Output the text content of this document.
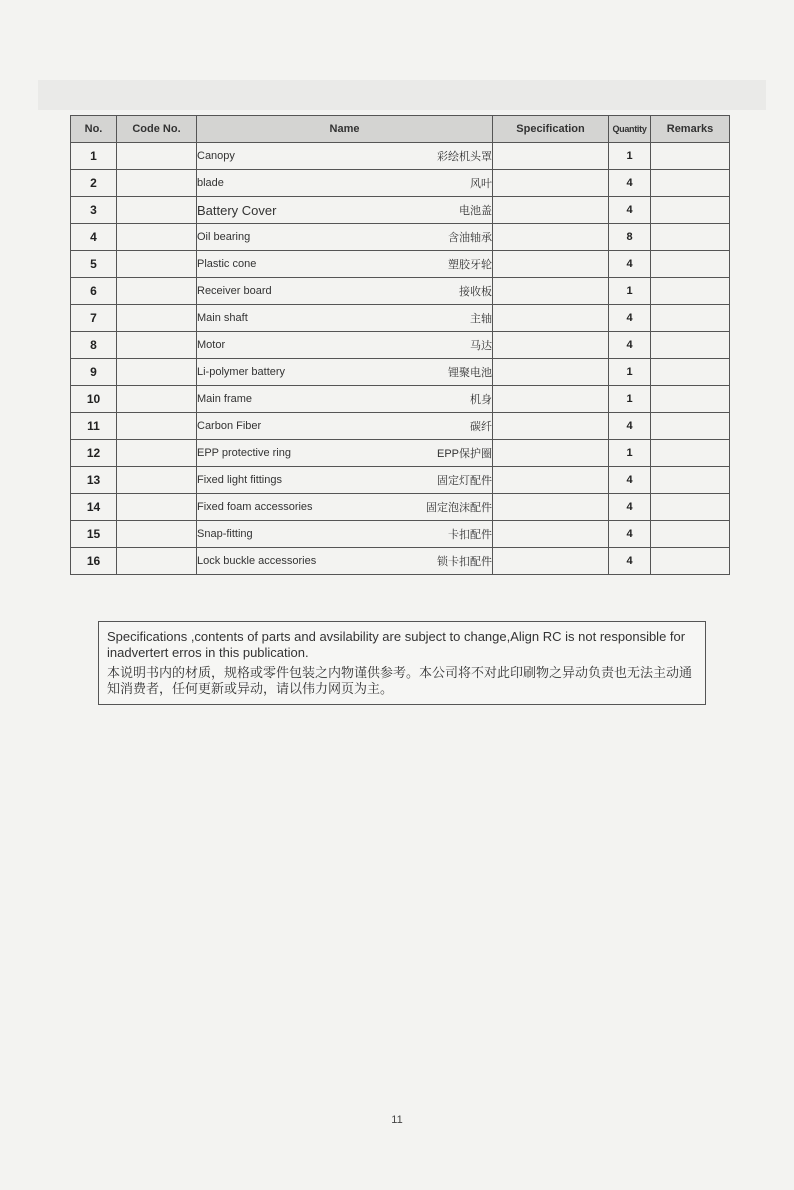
No.	Code No.	Name	Specification	Quantity	Remarks
1		Canopy 彩绘机头罩		1	
2		blade 风叶		4	
3		Battery Cover 电池盖		4	
4		Oil bearing 含油轴承		8	
5		Plastic cone 塑胶牙轮		4	
6		Receiver board 接收板		1	
7		Main shaft 主轴		4	
8		Motor 马达		4	
9		Li-polymer battery 锂聚电池		1	
10		Main frame 机身		1	
11		Carbon Fiber 碳纤		4	
12		EPP protective ring EPP保护圈		1	
13		Fixed light fittings 固定灯配件		4	
14		Fixed foam accessories 固定泡沫配件		4	
15		Snap-fitting 卡扣配件		4	
16		Lock buckle accessories 锁卡扣配件		4	

Specifications ,contents of parts and avsilability are subject to change,Align RC is not responsible for inadvertert erros in this publication.

本说明书内的材质，规格或零件包装之内物谨供参考。本公司将不对此印刷物之异动负责也无法主动通知消费者，任何更新或异动，请以伟力网页为主。

11
